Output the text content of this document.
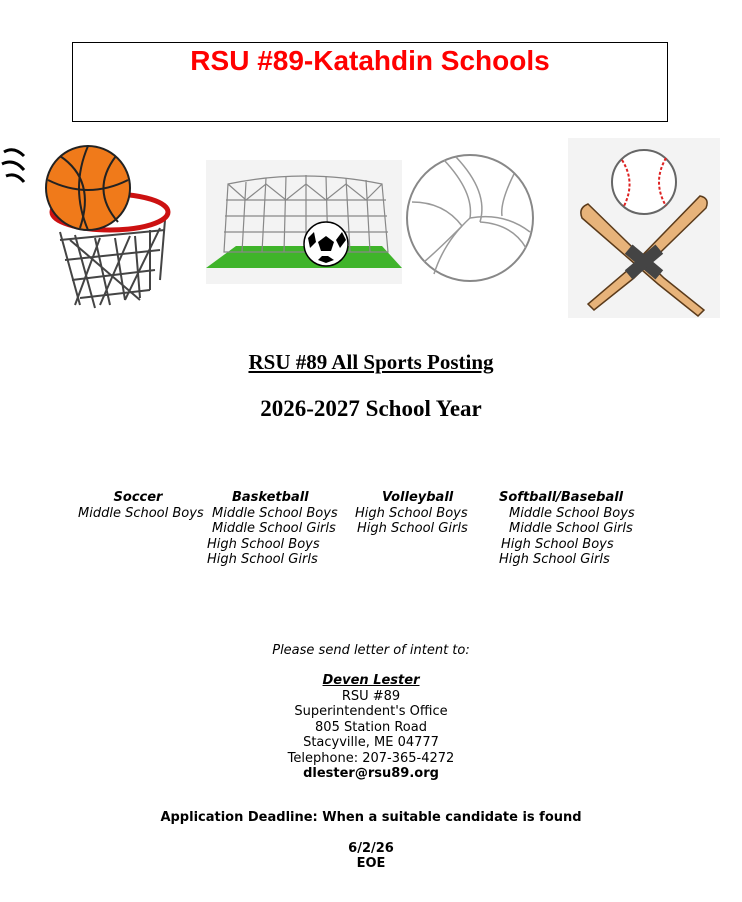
RSU #89-Katahdin Schools
RSU #89 All Sports Posting
2026-2027 School Year
Soccer
Middle School Boys
Basketball
Middle School Boys
Middle School Girls
High School Boys
High School Girls
Volleyball
High School Boys
High School Girls
Softball/Baseball
Middle School Boys
Middle School Girls
High School Boys
High School Girls
Please send letter of intent to:
Deven Lester
RSU #89
Superintendent's Office
805 Station Road
Stacyville, ME 04777
Telephone: 207-365-4272
dlester@rsu89.org
Application Deadline: When a suitable candidate is found
6/2/26
EOE
